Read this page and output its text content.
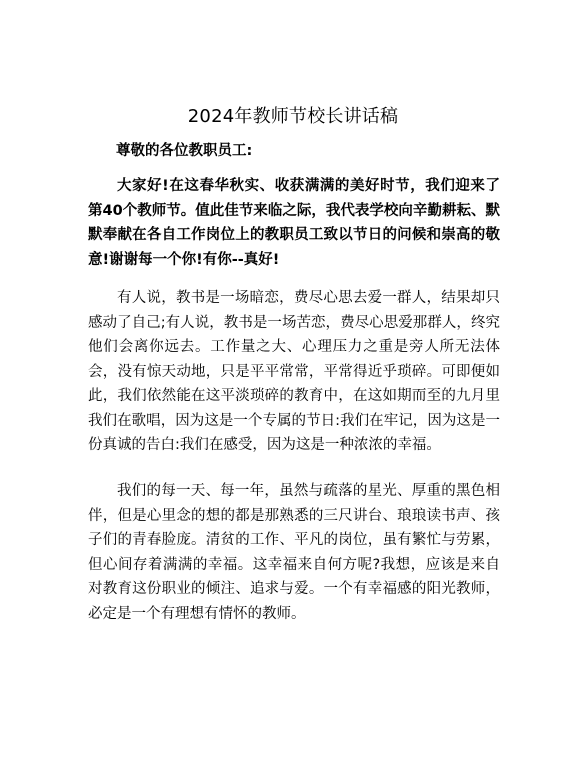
2024年教师节校长讲话稿

尊敬的各位教职员工:

大家好!在这春华秋实、收获满满的美好时节，我们迎来了第40个教师节。值此佳节来临之际，我代表学校向辛勤耕耘、默默奉献在各自工作岗位上的教职员工致以节日的问候和崇高的敬意!谢谢每一个你!有你--真好!

有人说，教书是一场暗恋，费尽心思去爱一群人，结果却只感动了自己;有人说，教书是一场苦恋，费尽心思爱那群人，终究他们会离你远去。工作量之大、心理压力之重是旁人所无法体会，没有惊天动地，只是平平常常，平常得近乎琐碎。可即便如此，我们依然能在这平淡琐碎的教育中，在这如期而至的九月里我们在歌唱，因为这是一个专属的节日:我们在牢记，因为这是一份真诚的告白:我们在感受，因为这是一种浓浓的幸福。

我们的每一天、每一年，虽然与疏落的星光、厚重的黑色相伴，但是心里念的想的都是那熟悉的三尺讲台、琅琅读书声、孩子们的青春脸庞。清贫的工作、平凡的岗位，虽有繁忙与劳累，但心间存着满满的幸福。这幸福来自何方呢?我想，应该是来自对教育这份职业的倾注、追求与爱。一个有幸福感的阳光教师，必定是一个有理想有情怀的教师。
